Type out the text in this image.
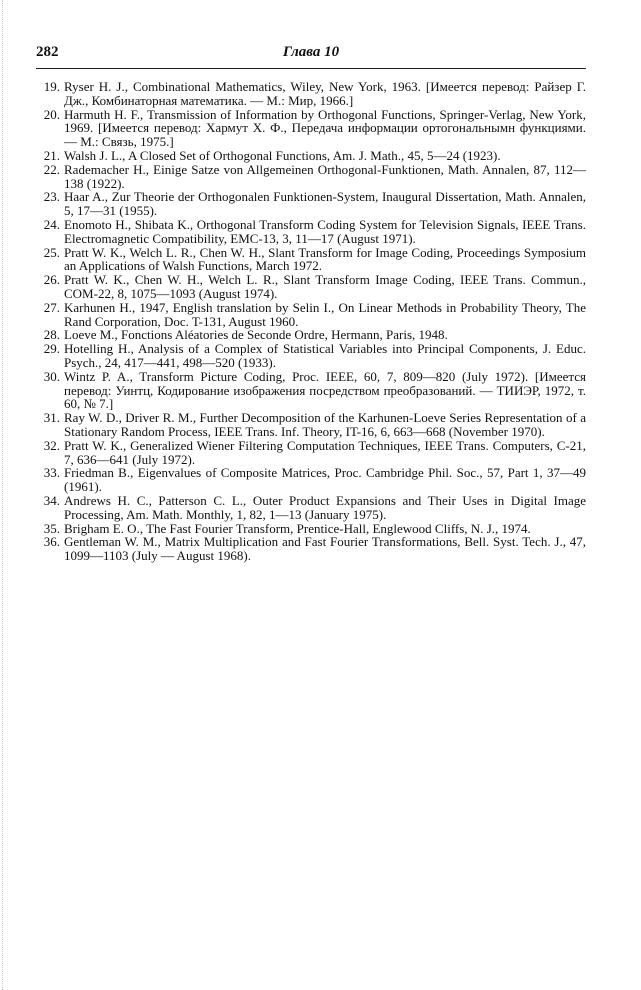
282	Глава 10
19. Ryser H. J., Combinational Mathematics, Wiley, New York, 1963. [Имеется перевод: Райзер Г. Дж., Комбинаторная математика. — М.: Мир, 1966.]
20. Harmuth H. F., Transmission of Information by Orthogonal Functions, Springer-Verlag, New York, 1969. [Имеется перевод: Хармут Х. Ф., Передача информации ортогональнымн функциями. — М.: Связь, 1975.]
21. Walsh J. L., A Closed Set of Orthogonal Functions, Am. J. Math., 45, 5—24 (1923).
22. Rademacher H., Einige Satze von Allgemeinen Orthogonal-Funktionen, Math. Annalen, 87, 112—138 (1922).
23. Haar A., Zur Theorie der Orthogonalen Funktionen-System, Inaugural Dissertation, Math. Annalen, 5, 17—31 (1955).
24. Enomoto H., Shibata K., Orthogonal Transform Coding System for Television Signals, IEEE Trans. Electromagnetic Compatibility, EMC-13, 3, 11—17 (August 1971).
25. Pratt W. K., Welch L. R., Chen W. H., Slant Transform for Image Coding, Proceedings Symposium an Applications of Walsh Functions, March 1972.
26. Pratt W. K., Chen W. H., Welch L. R., Slant Transform Image Coding, IEEE Trans. Commun., COM-22, 8, 1075—1093 (August 1974).
27. Karhunen H., 1947, English translation by Selin I., On Linear Methods in Probability Theory, The Rand Corporation, Doc. T-131, August 1960.
28. Loeve M., Fonctions Aléatories de Seconde Ordre, Hermann, Paris, 1948.
29. Hotelling H., Analysis of a Complex of Statistical Variables into Principal Components, J. Educ. Psych., 24, 417—441, 498—520 (1933).
30. Wintz P. A., Transform Picture Coding, Proc. IEEE, 60, 7, 809—820 (July 1972). [Имеется перевод: Уинтц, Кодирование изображения посредством преобразований. — ТИИЭР, 1972, т. 60, № 7.]
31. Ray W. D., Driver R. M., Further Decomposition of the Karhunen-Loeve Series Representation of a Stationary Random Process, IEEE Trans. Inf. Theory, IT-16, 6, 663—668 (November 1970).
32. Pratt W. K., Generalized Wiener Filtering Computation Techniques, IEEE Trans. Computers, C-21, 7, 636—641 (July 1972).
33. Friedman B., Eigenvalues of Composite Matrices, Proc. Cambridge Phil. Soc., 57, Part 1, 37—49 (1961).
34. Andrews H. C., Patterson C. L., Outer Product Expansions and Their Uses in Digital Image Processing, Am. Math. Monthly, 1, 82, 1—13 (January 1975).
35. Brigham E. O., The Fast Fourier Transform, Prentice-Hall, Englewood Cliffs, N. J., 1974.
36. Gentleman W. M., Matrix Multiplication and Fast Fourier Transformations, Bell. Syst. Tech. J., 47, 1099—1103 (July — August 1968).
